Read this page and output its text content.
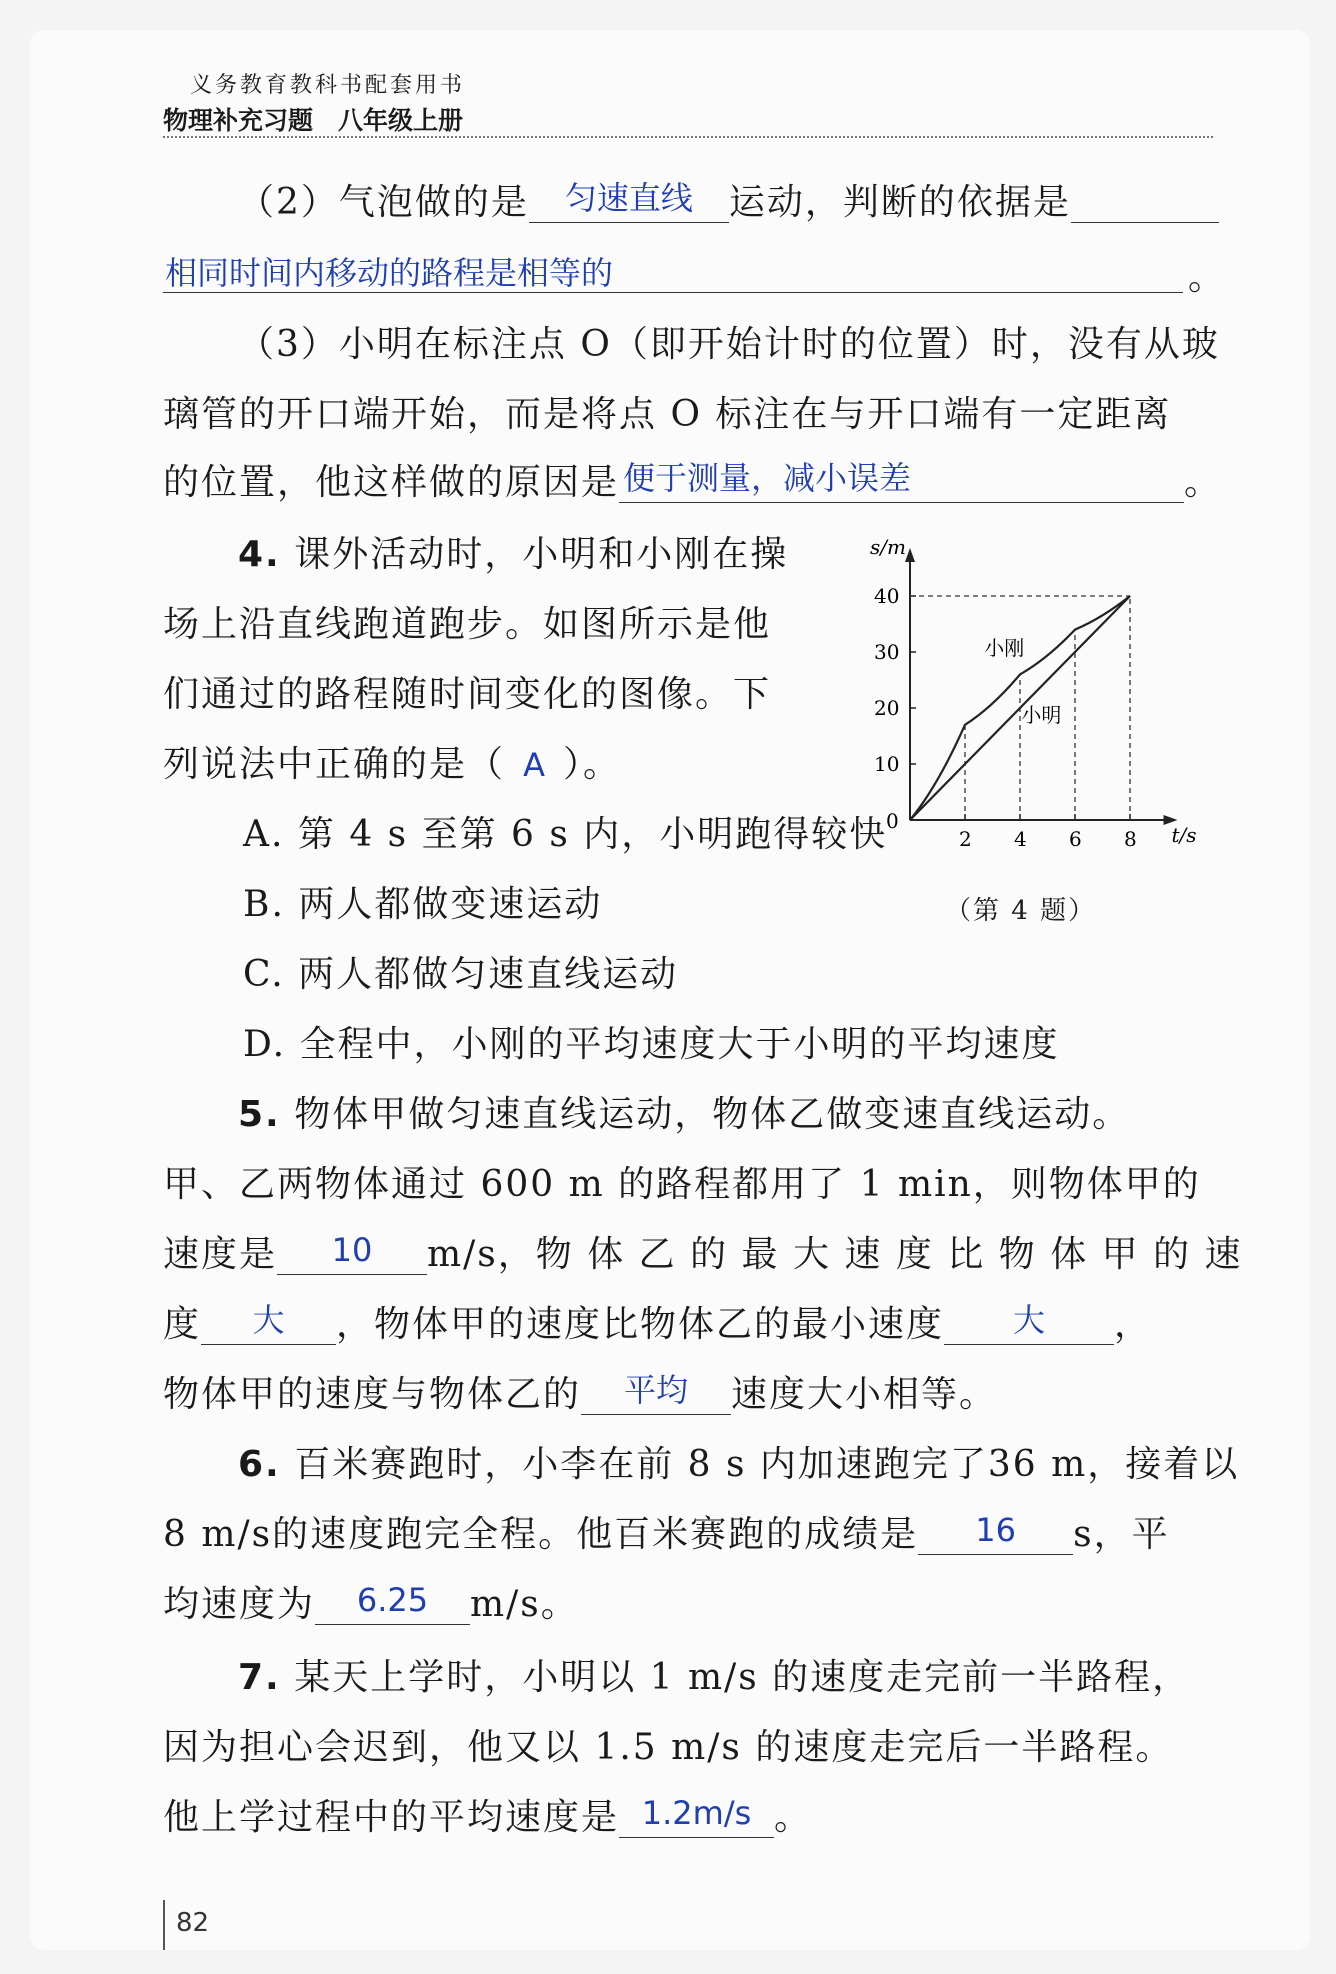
义务教育教科书配套用书
物理补充习题　八年级上册
（2）气泡做的是	匀速直线	运动，判断的依据是
相同时间内移动的路程是相等的	。
（3）小明在标注点 O（即开始计时的位置）时，没有从玻
璃管的开口端开始，而是将点 O 标注在与开口端有一定距离
的位置，他这样做的原因是 便于测量，减小误差	。
4. 课外活动时，小明和小刚在操
场上沿直线跑道跑步。如图所示是他
们通过的路程随时间变化的图像。下
列说法中正确的是（ A ）。
A. 第 4 s 至第 6 s 内，小明跑得较快
B. 两人都做变速运动
C. 两人都做匀速直线运动
D. 全程中，小刚的平均速度大于小明的平均速度
t/s
s/m
0
2 4 6 8
10
20
30
40
小刚
小明
（第 4 题）
5. 物体甲做匀速直线运动，物体乙做变速直线运动。
甲、乙两物体通过 600 m 的路程都用了 1 min，则物体甲的
速度是	10	m/s，物 体 乙 的 最 大 速 度 比 物 体 甲 的 速
度	大	，物体甲的速度比物体乙的最小速度	大	，
物体甲的速度与物体乙的	平均	速度大小相等。
6. 百米赛跑时，小李在前 8 s 内加速跑完了36 m，接着以
8 m/s的速度跑完全程。他百米赛跑的成绩是	16	s，平
均速度为	6.25	m/s。
7. 某天上学时，小明以 1 m/s 的速度走完前一半路程，
因为担心会迟到，他又以 1.5 m/s 的速度走完后一半路程。
他上学过程中的平均速度是 1.2m/s 。
82
